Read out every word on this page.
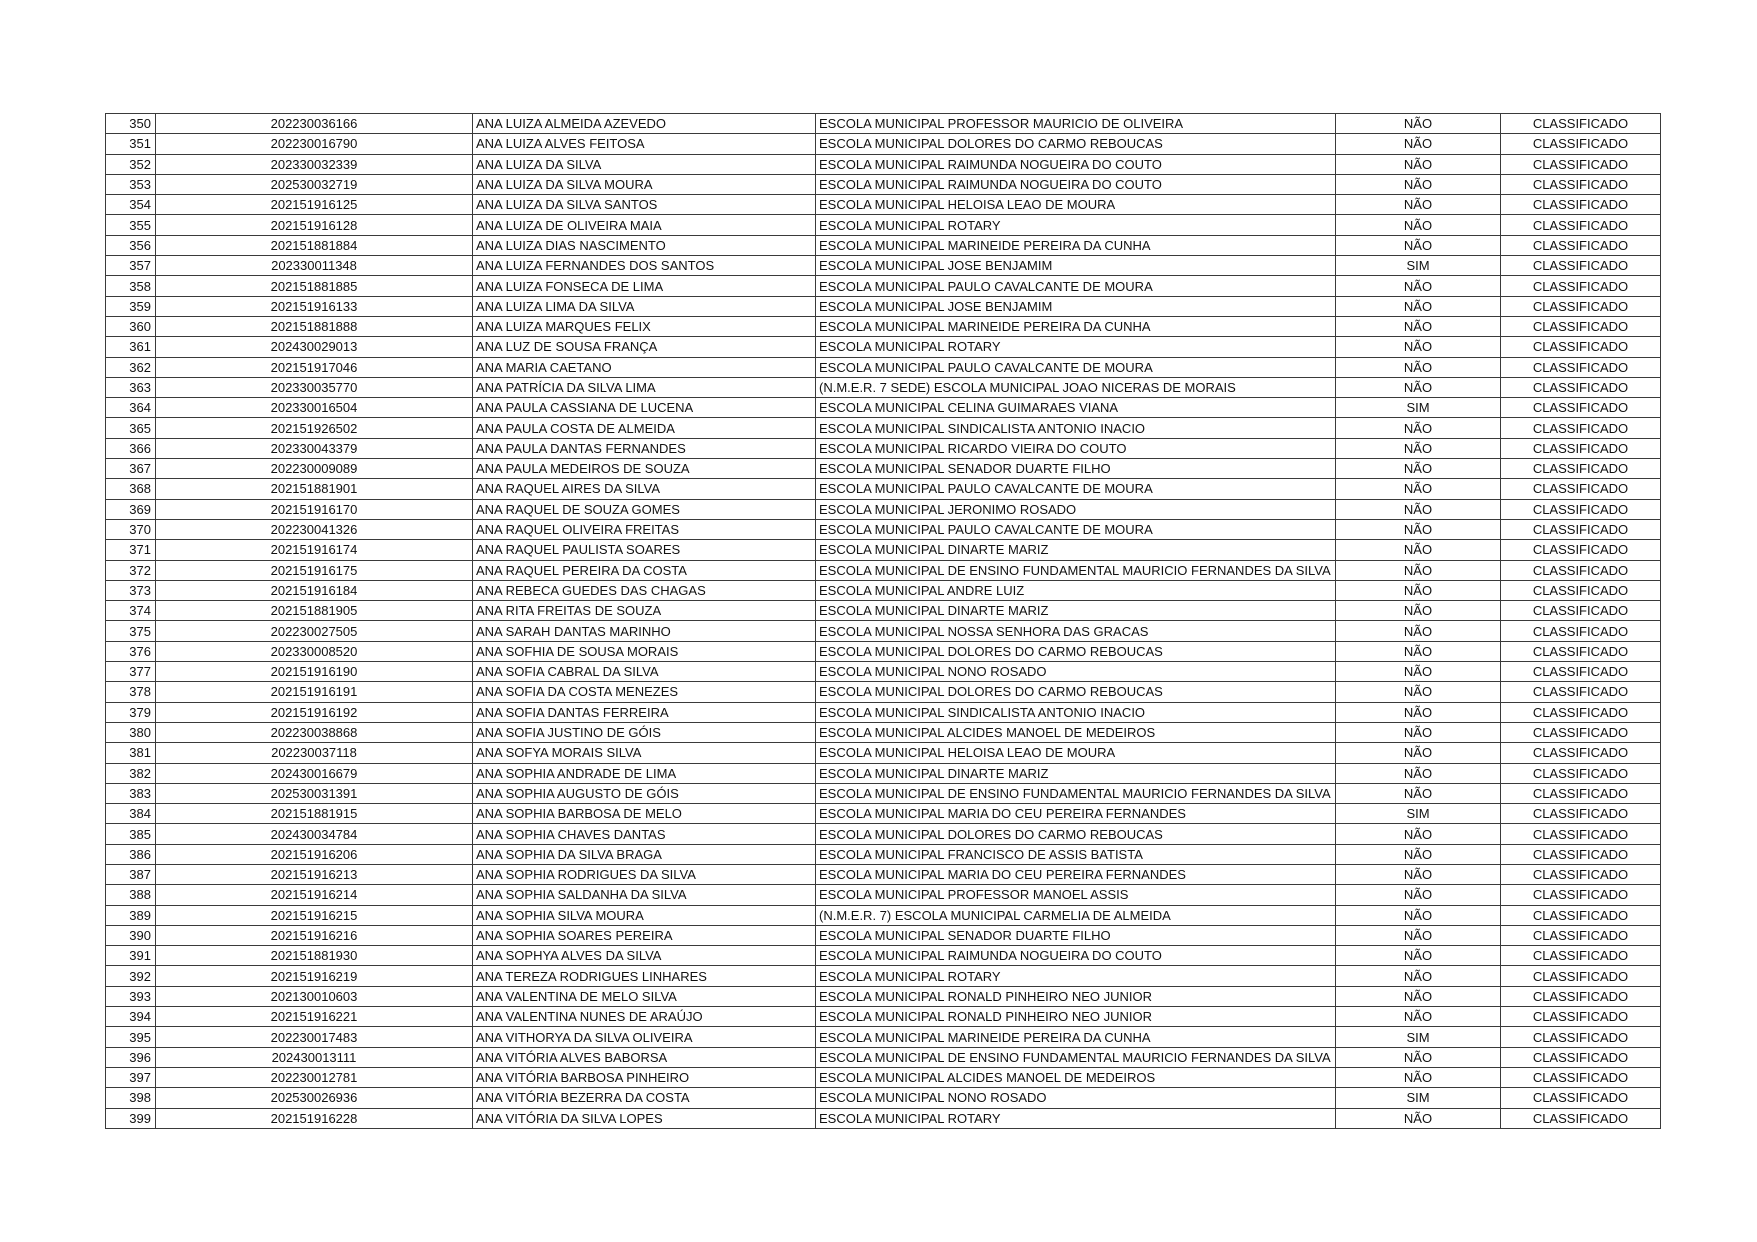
350	202230036166	ANA LUIZA ALMEIDA AZEVEDO	ESCOLA MUNICIPAL PROFESSOR MAURICIO DE OLIVEIRA	NÃO	CLASSIFICADO
351	202230016790	ANA LUIZA ALVES FEITOSA	ESCOLA MUNICIPAL DOLORES DO CARMO REBOUCAS	NÃO	CLASSIFICADO
352	202330032339	ANA LUIZA DA SILVA	ESCOLA MUNICIPAL RAIMUNDA NOGUEIRA DO COUTO	NÃO	CLASSIFICADO
353	202530032719	ANA LUIZA DA SILVA MOURA	ESCOLA MUNICIPAL RAIMUNDA NOGUEIRA DO COUTO	NÃO	CLASSIFICADO
354	202151916125	ANA LUIZA DA SILVA SANTOS	ESCOLA MUNICIPAL HELOISA LEAO DE MOURA	NÃO	CLASSIFICADO
355	202151916128	ANA LUIZA DE OLIVEIRA MAIA	ESCOLA MUNICIPAL ROTARY	NÃO	CLASSIFICADO
356	202151881884	ANA LUIZA DIAS NASCIMENTO	ESCOLA MUNICIPAL MARINEIDE PEREIRA DA CUNHA	NÃO	CLASSIFICADO
357	202330011348	ANA LUIZA FERNANDES DOS SANTOS	ESCOLA MUNICIPAL JOSE BENJAMIM	SIM	CLASSIFICADO
358	202151881885	ANA LUIZA FONSECA DE LIMA	ESCOLA MUNICIPAL PAULO CAVALCANTE DE MOURA	NÃO	CLASSIFICADO
359	202151916133	ANA LUIZA LIMA DA SILVA	ESCOLA MUNICIPAL JOSE BENJAMIM	NÃO	CLASSIFICADO
360	202151881888	ANA LUIZA MARQUES FELIX	ESCOLA MUNICIPAL MARINEIDE PEREIRA DA CUNHA	NÃO	CLASSIFICADO
361	202430029013	ANA LUZ DE SOUSA FRANÇA	ESCOLA MUNICIPAL ROTARY	NÃO	CLASSIFICADO
362	202151917046	ANA MARIA CAETANO	ESCOLA MUNICIPAL PAULO CAVALCANTE DE MOURA	NÃO	CLASSIFICADO
363	202330035770	ANA PATRÍCIA DA SILVA LIMA	(N.M.E.R. 7 SEDE) ESCOLA MUNICIPAL JOAO NICERAS DE MORAIS	NÃO	CLASSIFICADO
364	202330016504	ANA PAULA CASSIANA DE LUCENA	ESCOLA MUNICIPAL CELINA GUIMARAES VIANA	SIM	CLASSIFICADO
365	202151926502	ANA PAULA COSTA DE ALMEIDA	ESCOLA MUNICIPAL SINDICALISTA ANTONIO INACIO	NÃO	CLASSIFICADO
366	202330043379	ANA PAULA DANTAS FERNANDES	ESCOLA MUNICIPAL RICARDO VIEIRA DO COUTO	NÃO	CLASSIFICADO
367	202230009089	ANA PAULA MEDEIROS DE SOUZA	ESCOLA MUNICIPAL SENADOR DUARTE FILHO	NÃO	CLASSIFICADO
368	202151881901	ANA RAQUEL AIRES DA SILVA	ESCOLA MUNICIPAL PAULO CAVALCANTE DE MOURA	NÃO	CLASSIFICADO
369	202151916170	ANA RAQUEL DE SOUZA GOMES	ESCOLA MUNICIPAL JERONIMO ROSADO	NÃO	CLASSIFICADO
370	202230041326	ANA RAQUEL OLIVEIRA FREITAS	ESCOLA MUNICIPAL PAULO CAVALCANTE DE MOURA	NÃO	CLASSIFICADO
371	202151916174	ANA RAQUEL PAULISTA SOARES	ESCOLA MUNICIPAL DINARTE MARIZ	NÃO	CLASSIFICADO
372	202151916175	ANA RAQUEL PEREIRA DA COSTA	ESCOLA MUNICIPAL DE ENSINO FUNDAMENTAL MAURICIO FERNANDES DA SILVA	NÃO	CLASSIFICADO
373	202151916184	ANA REBECA GUEDES DAS CHAGAS	ESCOLA MUNICIPAL ANDRE LUIZ	NÃO	CLASSIFICADO
374	202151881905	ANA RITA FREITAS DE SOUZA	ESCOLA MUNICIPAL DINARTE MARIZ	NÃO	CLASSIFICADO
375	202230027505	ANA SARAH DANTAS MARINHO	ESCOLA MUNICIPAL NOSSA SENHORA DAS GRACAS	NÃO	CLASSIFICADO
376	202330008520	ANA SOFHIA DE SOUSA MORAIS	ESCOLA MUNICIPAL DOLORES DO CARMO REBOUCAS	NÃO	CLASSIFICADO
377	202151916190	ANA SOFIA CABRAL DA SILVA	ESCOLA MUNICIPAL NONO ROSADO	NÃO	CLASSIFICADO
378	202151916191	ANA SOFIA DA COSTA MENEZES	ESCOLA MUNICIPAL DOLORES DO CARMO REBOUCAS	NÃO	CLASSIFICADO
379	202151916192	ANA SOFIA DANTAS FERREIRA	ESCOLA MUNICIPAL SINDICALISTA ANTONIO INACIO	NÃO	CLASSIFICADO
380	202230038868	ANA SOFIA JUSTINO DE GÓIS	ESCOLA MUNICIPAL ALCIDES MANOEL DE MEDEIROS	NÃO	CLASSIFICADO
381	202230037118	ANA SOFYA MORAIS SILVA	ESCOLA MUNICIPAL HELOISA LEAO DE MOURA	NÃO	CLASSIFICADO
382	202430016679	ANA SOPHIA ANDRADE DE LIMA	ESCOLA MUNICIPAL DINARTE MARIZ	NÃO	CLASSIFICADO
383	202530031391	ANA SOPHIA AUGUSTO DE GÓIS	ESCOLA MUNICIPAL DE ENSINO FUNDAMENTAL MAURICIO FERNANDES DA SILVA	NÃO	CLASSIFICADO
384	202151881915	ANA SOPHIA BARBOSA DE MELO	ESCOLA MUNICIPAL MARIA DO CEU PEREIRA FERNANDES	SIM	CLASSIFICADO
385	202430034784	ANA SOPHIA CHAVES DANTAS	ESCOLA MUNICIPAL DOLORES DO CARMO REBOUCAS	NÃO	CLASSIFICADO
386	202151916206	ANA SOPHIA DA SILVA BRAGA	ESCOLA MUNICIPAL FRANCISCO DE ASSIS BATISTA	NÃO	CLASSIFICADO
387	202151916213	ANA SOPHIA RODRIGUES DA SILVA	ESCOLA MUNICIPAL MARIA DO CEU PEREIRA FERNANDES	NÃO	CLASSIFICADO
388	202151916214	ANA SOPHIA SALDANHA DA SILVA	ESCOLA MUNICIPAL PROFESSOR MANOEL ASSIS	NÃO	CLASSIFICADO
389	202151916215	ANA SOPHIA SILVA MOURA	(N.M.E.R. 7) ESCOLA MUNICIPAL CARMELIA DE ALMEIDA	NÃO	CLASSIFICADO
390	202151916216	ANA SOPHIA SOARES PEREIRA	ESCOLA MUNICIPAL SENADOR DUARTE FILHO	NÃO	CLASSIFICADO
391	202151881930	ANA SOPHYA ALVES DA SILVA	ESCOLA MUNICIPAL RAIMUNDA NOGUEIRA DO COUTO	NÃO	CLASSIFICADO
392	202151916219	ANA TEREZA RODRIGUES LINHARES	ESCOLA MUNICIPAL ROTARY	NÃO	CLASSIFICADO
393	202130010603	ANA VALENTINA DE MELO SILVA	ESCOLA MUNICIPAL RONALD PINHEIRO NEO JUNIOR	NÃO	CLASSIFICADO
394	202151916221	ANA VALENTINA NUNES DE ARAÚJO	ESCOLA MUNICIPAL RONALD PINHEIRO NEO JUNIOR	NÃO	CLASSIFICADO
395	202230017483	ANA VITHORYA DA SILVA OLIVEIRA	ESCOLA MUNICIPAL MARINEIDE PEREIRA DA CUNHA	SIM	CLASSIFICADO
396	202430013111	ANA VITÓRIA ALVES BABORSA	ESCOLA MUNICIPAL DE ENSINO FUNDAMENTAL MAURICIO FERNANDES DA SILVA	NÃO	CLASSIFICADO
397	202230012781	ANA VITÓRIA BARBOSA PINHEIRO	ESCOLA MUNICIPAL ALCIDES MANOEL DE MEDEIROS	NÃO	CLASSIFICADO
398	202530026936	ANA VITÓRIA BEZERRA DA COSTA	ESCOLA MUNICIPAL NONO ROSADO	SIM	CLASSIFICADO
399	202151916228	ANA VITÓRIA DA SILVA LOPES	ESCOLA MUNICIPAL ROTARY	NÃO	CLASSIFICADO
